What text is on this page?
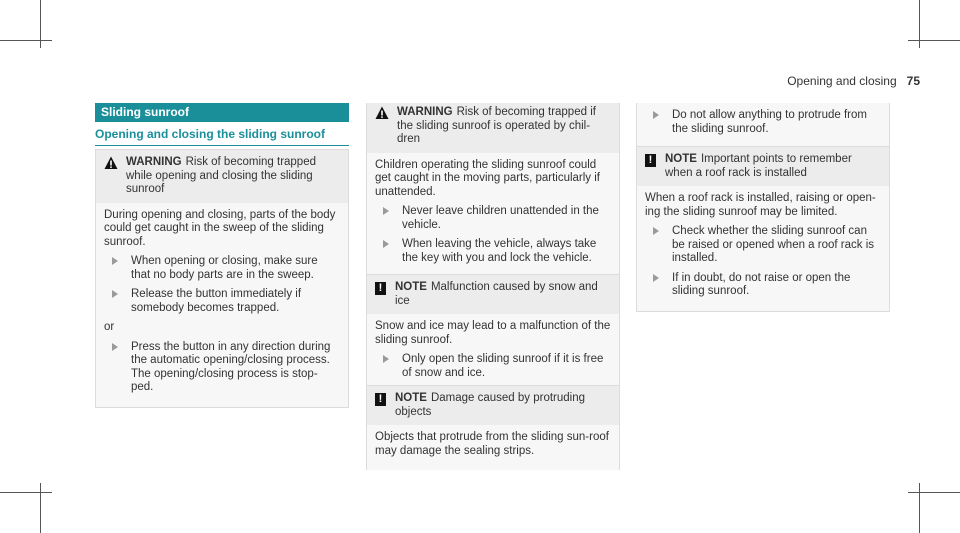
Opening and closing 75
Sliding sunroof
Opening and closing the sliding sunroof
WARNING Risk of becoming trapped while opening and closing the sliding sunroof

During opening and closing, parts of the body could get caught in the sweep of the sliding sunroof.

When opening or closing, make sure that no body parts are in the sweep.
Release the button immediately if somebody becomes trapped.
or
Press the button in any direction during the automatic opening/closing process. The opening/closing process is stop-ped.
WARNING Risk of becoming trapped if the sliding sunroof is operated by chil-dren

Children operating the sliding sunroof could get caught in the moving parts, particularly if unattended.

Never leave children unattended in the vehicle.
When leaving the vehicle, always take the key with you and lock the vehicle.
!	NOTE Malfunction caused by snow and ice

Snow and ice may lead to a malfunction of the sliding sunroof.

Only open the sliding sunroof if it is free of snow and ice.
!	NOTE Damage caused by protruding objects

Objects that protrude from the sliding sun-roof may damage the sealing strips.

Do not allow anything to protrude from the sliding sunroof.
!	NOTE Important points to remember when a roof rack is installed

When a roof rack is installed, raising or open-ing the sliding sunroof may be limited.

Check whether the sliding sunroof can be raised or opened when a roof rack is installed.
If in doubt, do not raise or open the sliding sunroof.
